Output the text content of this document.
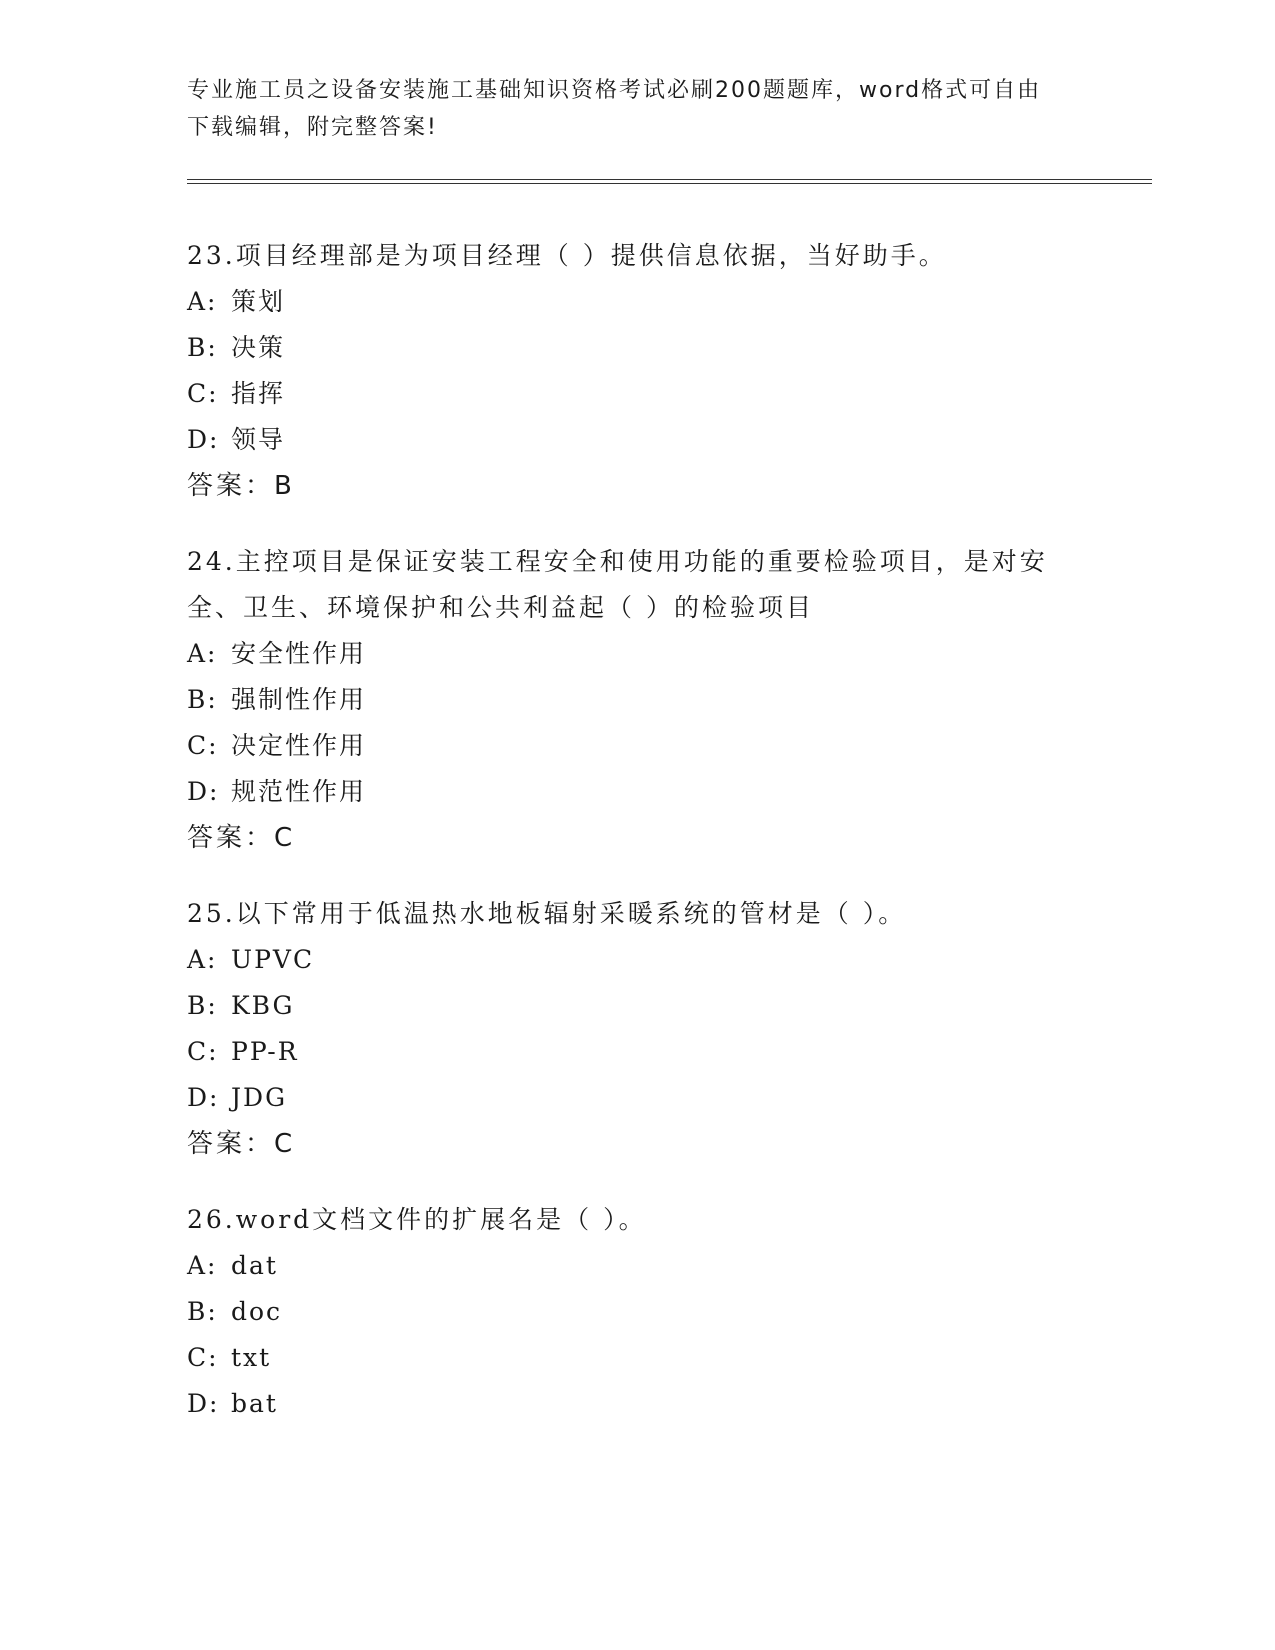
专业施工员之设备安装施工基础知识资格考试必刷200题题库，word格式可自由
下载编辑，附完整答案!

23.项目经理部是为项目经理（ ）提供信息依据，当好助手。

A: 策划

B: 决策

C: 指挥

D: 领导

答案：B

24.主控项目是保证安装工程安全和使用功能的重要检验项目，是对安全、卫生、环境保护和公共利益起（ ）的检验项目

A: 安全性作用

B: 强制性作用

C: 决定性作用

D: 规范性作用

答案：C

25.以下常用于低温热水地板辐射采暖系统的管材是（ ）。

A: UPVC

B: KBG

C: PP-R

D: JDG

答案：C

26.word文档文件的扩展名是（ ）。

A: dat

B: doc

C: txt

D: bat
